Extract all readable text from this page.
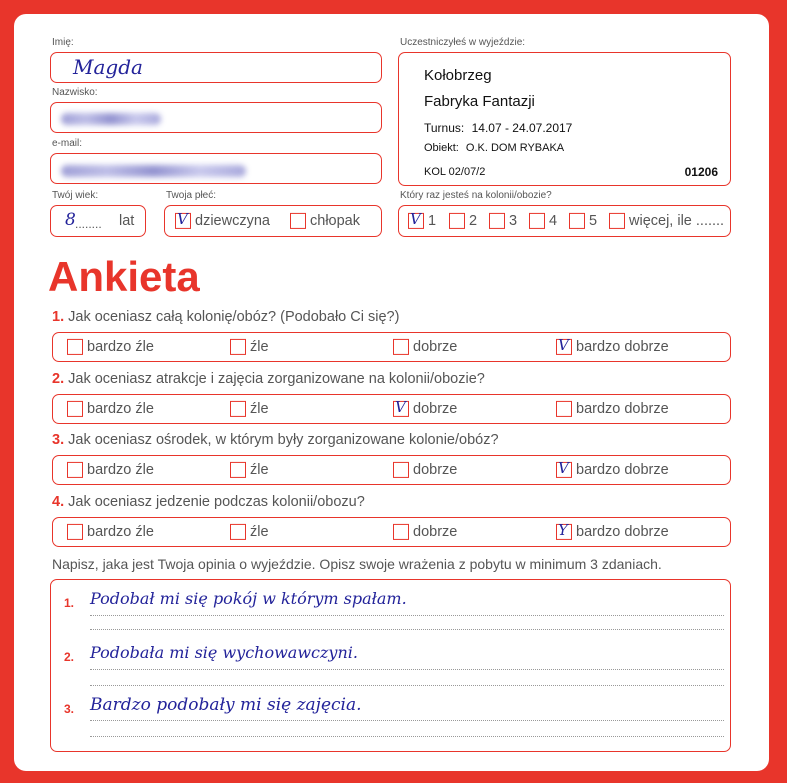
Imię:
Magda
Nazwisko:
e-mail:
Twój wiek:
8 ........ lat
Twoja płeć:
V dziewczyna	chłopak
Uczestniczyłeś w wyjeździe:
Kołobrzeg
Fabryka Fantazji
Turnus: 14.07 - 24.07.2017
Obiekt: O.K. DOM RYBAKA
KOL 02/07/2	01206
Który raz jesteś na kolonii/obozie?
V 1	2	3	4	5	więcej, ile .......
Ankieta
1. Jak oceniasz całą kolonię/obóz? (Podobało Ci się?)
bardzo źle	źle	dobrze	V bardzo dobrze
2. Jak oceniasz atrakcje i zajęcia zorganizowane na kolonii/obozie?
bardzo źle	źle	V dobrze	bardzo dobrze
3. Jak oceniasz ośrodek, w którym były zorganizowane kolonie/obóz?
bardzo źle	źle	dobrze	V bardzo dobrze
4. Jak oceniasz jedzenie podczas kolonii/obozu?
bardzo źle	źle	dobrze	Y bardzo dobrze
Napisz, jaka jest Twoja opinia o wyjeździe. Opisz swoje wrażenia z pobytu w minimum 3 zdaniach.
1. Podobał mi się pokój w którym spałam.
2. Podobała mi się wychowawczyni.
3. Bardzo podobały mi się zajęcia.
